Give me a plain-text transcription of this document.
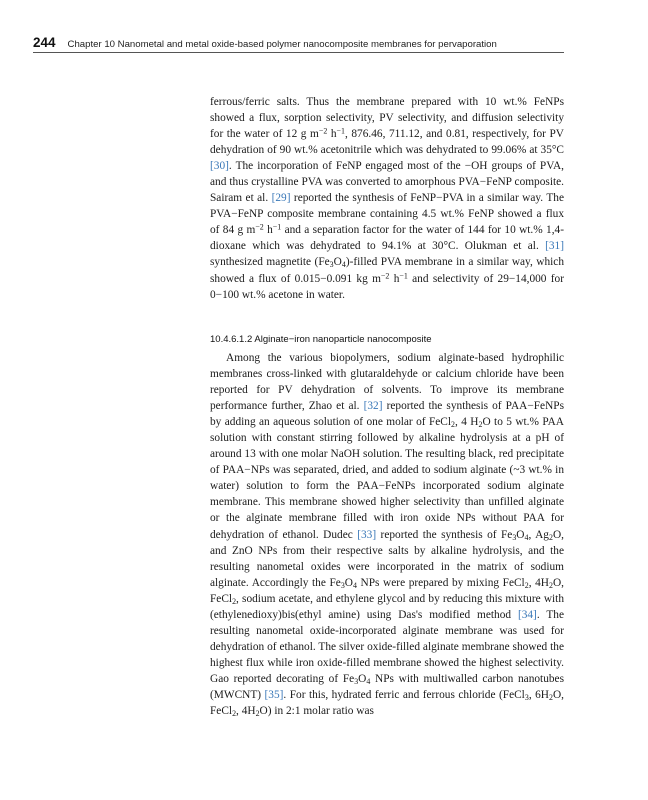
244 Chapter 10 Nanometal and metal oxide-based polymer nanocomposite membranes for pervaporation

ferrous/ferric salts. Thus the membrane prepared with 10 wt.% FeNPs showed a flux, sorption selectivity, PV selectivity, and diffusion selectivity for the water of 12 g $m^{-2}$ $h^{-1}$, 876.46, 711.12, and 0.81, respectively, for PV dehydration of 90 wt.% acetonitrile which was dehydrated to 99.06% at 35°C [30]. The incorporation of FeNP engaged most of the −OH groups of PVA, and thus crystalline PVA was converted to amorphous PVA−FeNP composite. Sairam et al. [29] reported the synthesis of FeNP−PVA in a similar way. The PVA−FeNP composite membrane containing 4.5 wt.% FeNP showed a flux of 84 g $m^{-2}$ $h^{-1}$ and a separation factor for the water of 144 for 10 wt.% 1,4-dioxane which was dehydrated to 94.1% at 30°C. Olukman et al. [31] synthesized magnetite $(Fe_3O_4)$-filled PVA membrane in a similar way, which showed a flux of 0.015−0.091 kg $m^{-2}$ $h^{-1}$ and selectivity of 29−14,000 for 0−100 wt.% acetone in water.

10.4.6.1.2 Alginate−iron nanoparticle nanocomposite

Among the various biopolymers, sodium alginate-based hydrophilic membranes cross-linked with glutaraldehyde or calcium chloride have been reported for PV dehydration of solvents. To improve its membrane performance further, Zhao et al. [32] reported the synthesis of PAA−FeNPs by adding an aqueous solution of one molar of FeCl$_2$, 4 $H_2O$ to 5 wt.% PAA solution with constant stirring followed by alkaline hydrolysis at a pH of around 13 with one molar NaOH solution. The resulting black, red precipitate of PAA−NPs was separated, dried, and added to sodium alginate (~3 wt.% in water) solution to form the PAA−FeNPs incorporated sodium alginate membrane. This membrane showed higher selectivity than unfilled alginate or the alginate membrane filled with iron oxide NPs without PAA for dehydration of ethanol. Dudec [33] reported the synthesis of $Fe_3O_4$, $Ag_2O$, and ZnO NPs from their respective salts by alkaline hydrolysis, and the resulting nanometal oxides were incorporated in the matrix of sodium alginate. Accordingly the $Fe_3O_4$ NPs were prepared by mixing FeCl$_2$, $4H_2O$, FeCl$_2$, sodium acetate, and ethylene glycol and by reducing this mixture with (ethylenedioxy)bis(ethyl amine) using Das's modified method [34]. The resulting nanometal oxide-incorporated alginate membrane was used for dehydration of ethanol. The silver oxide-filled alginate membrane showed the highest flux while iron oxide-filled membrane showed the highest selectivity. Gao reported decorating of $Fe_3O_4$ NPs with multiwalled carbon nanotubes (MWCNT) [35]. For this, hydrated ferric and ferrous chloride (FeCl$_3$, $6H_2O$, FeCl$_2$, $4H_2O$) in 2:1 molar ratio was
